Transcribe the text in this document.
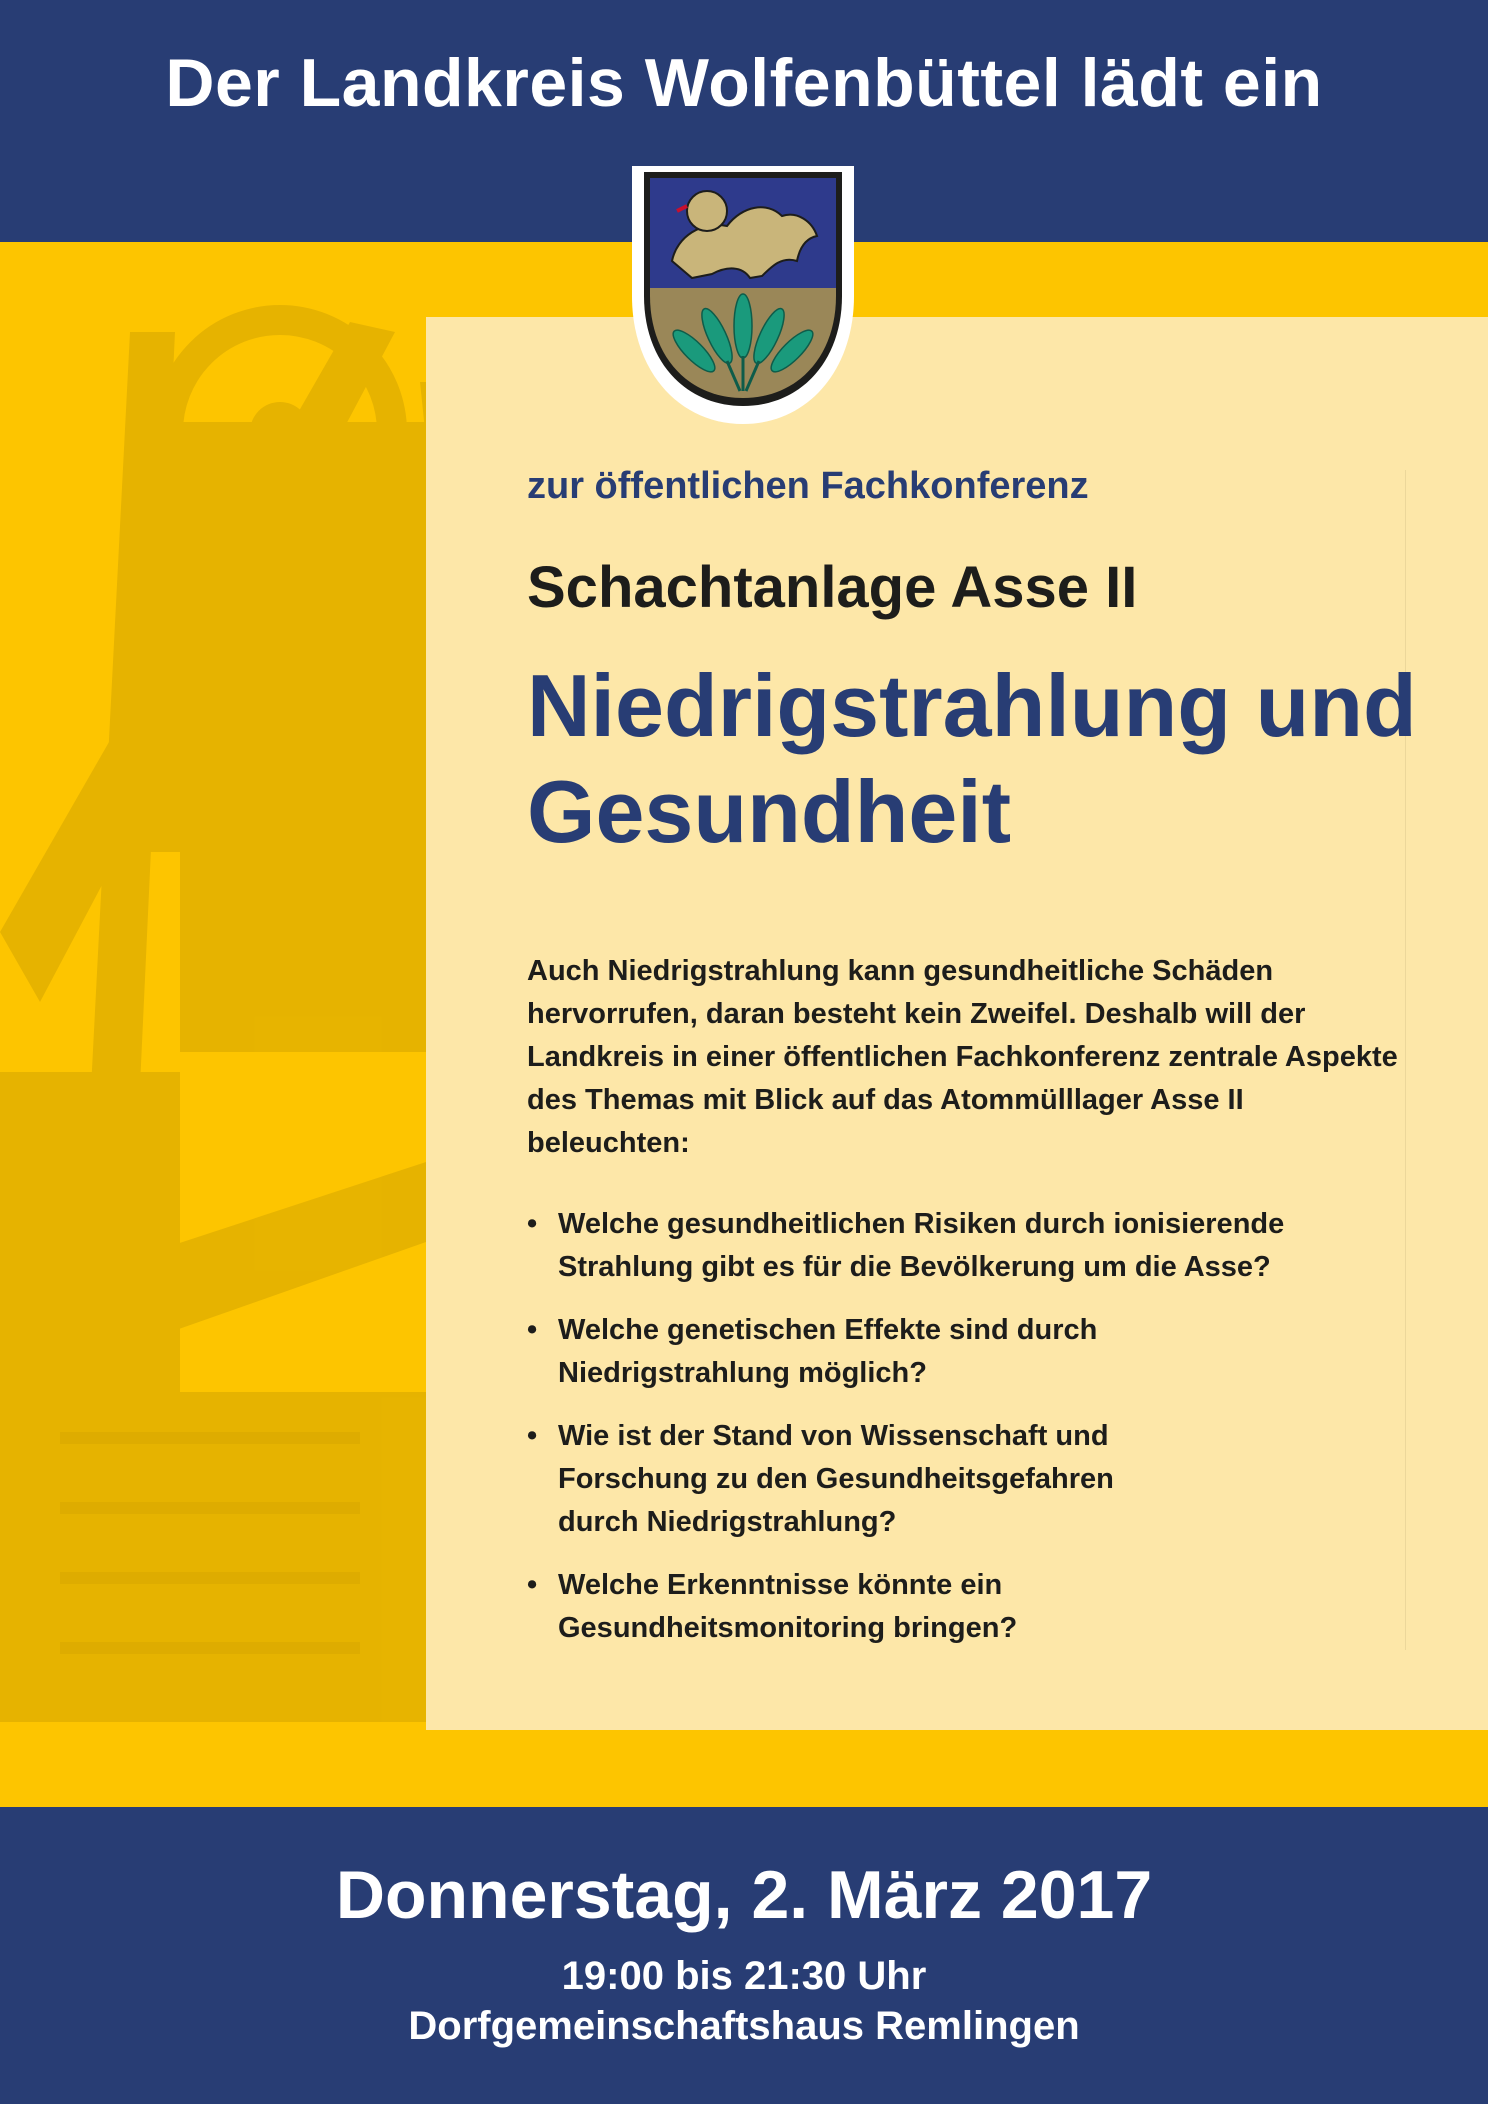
Der Landkreis Wolfenbüttel lädt ein
zur öffentlichen Fachkonferenz
Schachtanlage Asse II
Niedrigstrahlung und
Gesundheit
Auch Niedrigstrahlung kann gesundheitliche Schäden hervorrufen, daran besteht kein Zweifel. Deshalb will der Landkreis in einer öffentlichen Fachkonferenz zentrale Aspekte des Themas mit Blick auf das Atommülllager Asse II beleuchten:
• Welche gesundheitlichen Risiken durch ionisierende Strahlung gibt es für die Bevölkerung um die Asse?
• Welche genetischen Effekte sind durch Niedrigstrahlung möglich?
• Wie ist der Stand von Wissenschaft und Forschung zu den Gesundheitsgefahren durch Niedrigstrahlung?
• Welche Erkenntnisse könnte ein Gesundheitsmonitoring bringen?
Donnerstag, 2. März 2017
19:00 bis 21:30 Uhr
Dorfgemeinschaftshaus Remlingen
